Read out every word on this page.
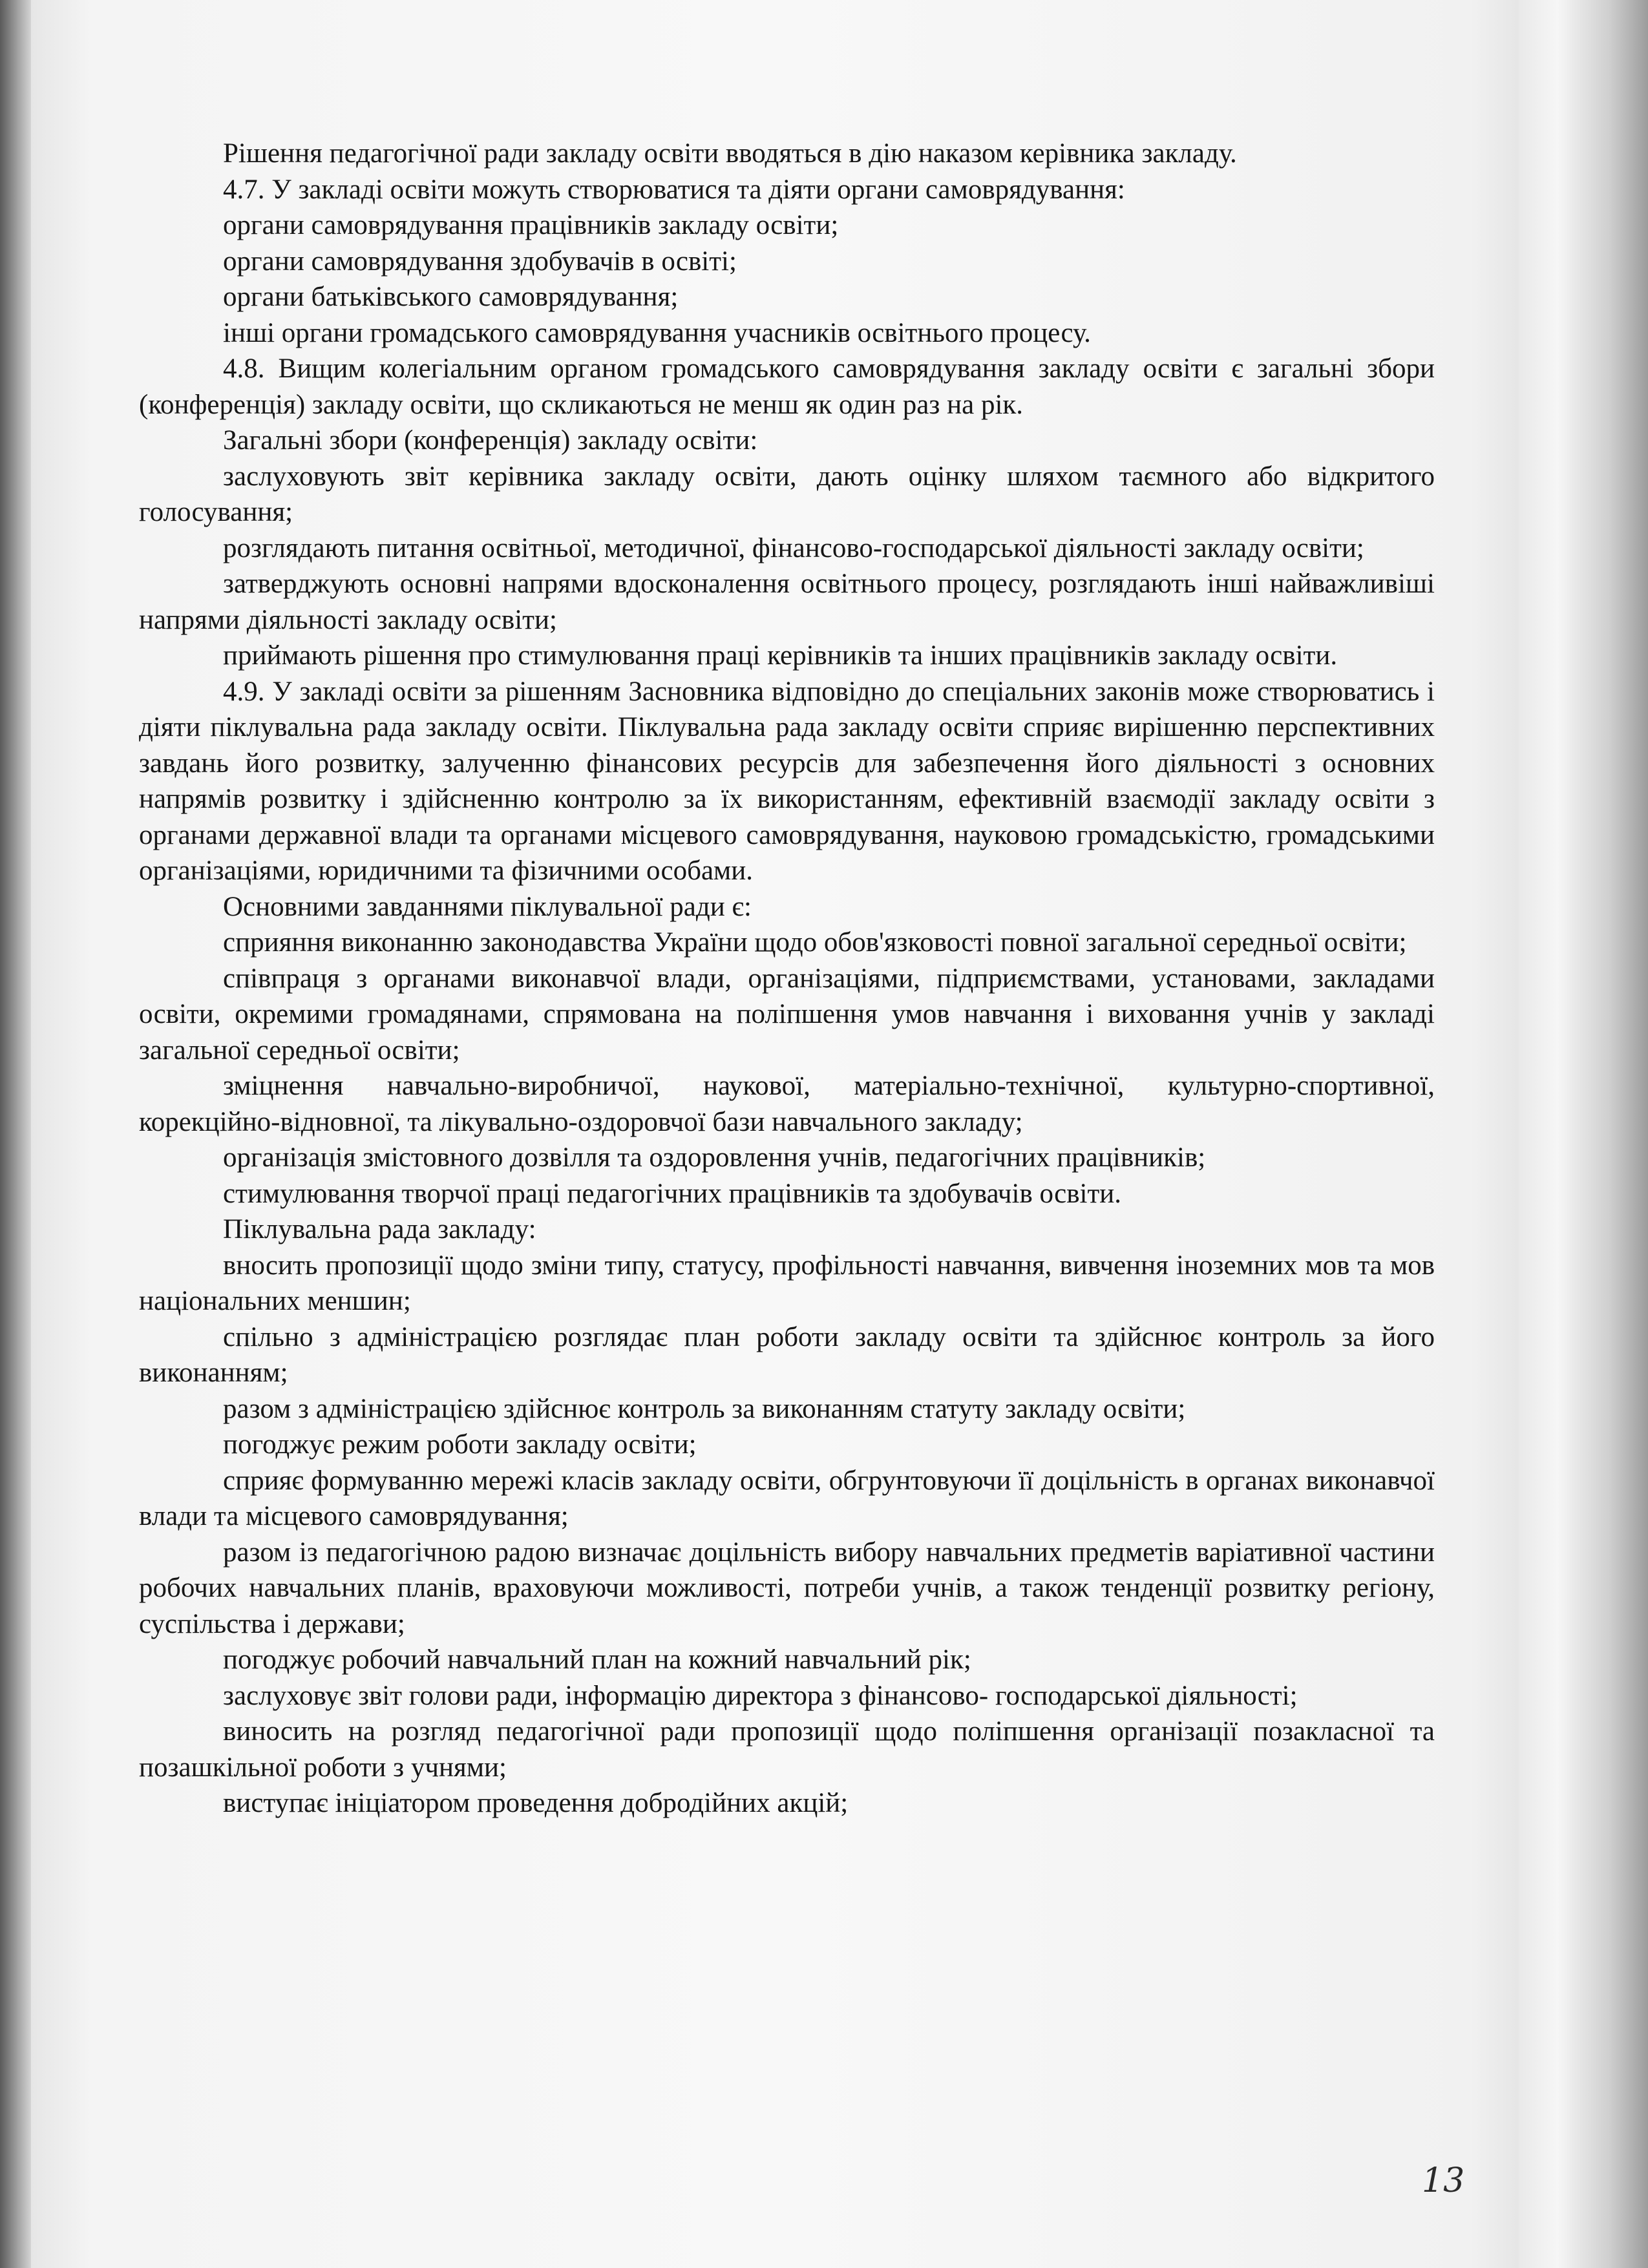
Рішення педагогічної ради закладу освіти вводяться в дію наказом керівника закладу.

4.7. У закладі освіти можуть створюватися та діяти органи самоврядування:

органи самоврядування працівників закладу освіти;

органи самоврядування здобувачів в освіті;

органи батьківського самоврядування;

інші органи громадського самоврядування учасників освітнього процесу.

4.8. Вищим колегіальним органом громадського самоврядування закладу освіти є загальні збори (конференція) закладу освіти, що скликаються не менш як один раз на рік.

Загальні збори (конференція) закладу освіти:

заслуховують звіт керівника закладу освіти, дають оцінку шляхом таємного або відкритого голосування;

розглядають питання освітньої, методичної, фінансово-господарської діяльності закладу освіти;

затверджують основні напрями вдосконалення освітнього процесу, розглядають інші найважливіші напрями діяльності закладу освіти;

приймають рішення про стимулювання праці керівників та інших працівників закладу освіти.

4.9. У закладі освіти за рішенням Засновника відповідно до спеціальних законів може створюватись і діяти піклувальна рада закладу освіти. Піклувальна рада закладу освіти сприяє вирішенню перспективних завдань його розвитку, залученню фінансових ресурсів для забезпечення його діяльності з основних напрямів розвитку і здійсненню контролю за їх використанням, ефективній взаємодії закладу освіти з органами державної влади та органами місцевого самоврядування, науковою громадськістю, громадськими організаціями, юридичними та фізичними особами.

Основними завданнями піклувальної ради є:

сприяння виконанню законодавства України щодо обов'язковості повної загальної середньої освіти;

співпраця з органами виконавчої влади, організаціями, підприємствами, установами, закладами освіти, окремими громадянами, спрямована на поліпшення умов навчання і виховання учнів у закладі загальної середньої освіти;

зміцнення навчально-виробничої, наукової, матеріально-технічної, культурно-спортивної, корекційно-відновної, та лікувально-оздоровчої бази навчального закладу;

організація змістовного дозвілля та оздоровлення учнів, педагогічних працівників;

стимулювання творчої праці педагогічних працівників та здобувачів освіти.

Піклувальна рада закладу:

вносить пропозиції щодо зміни типу, статусу, профільності навчання, вивчення іноземних мов та мов національних меншин;

спільно з адміністрацією розглядає план роботи закладу освіти та здійснює контроль за його виконанням;

разом з адміністрацією здійснює контроль за виконанням статуту закладу освіти;

погоджує режим роботи закладу освіти;

сприяє формуванню мережі класів закладу освіти, обгрунтовуючи її доцільність в органах виконавчої влади та місцевого самоврядування;

разом із педагогічною радою визначає доцільність вибору навчальних предметів варіативної частини робочих навчальних планів, враховуючи можливості, потреби учнів, а також тенденції розвитку регіону, суспільства і держави;

погоджує робочий навчальний план на кожний навчальний рік;

заслуховує звіт голови ради, інформацію директора з фінансово- господарської діяльності;

виносить на розгляд педагогічної ради пропозиції щодо поліпшення організації позакласної та позашкільної роботи з учнями;

виступає ініціатором проведення добродійних акцій;

13
